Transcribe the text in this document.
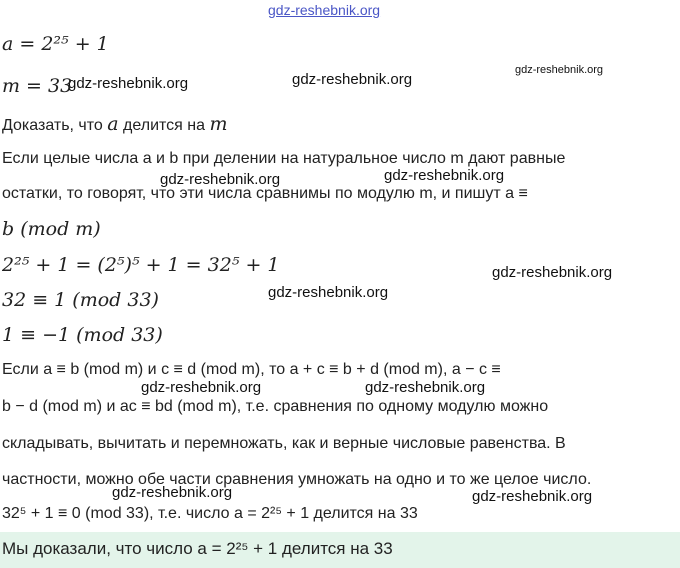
gdz-reshebnik.org
gdz-reshebnik.org	gdz-reshebnik.org
gdz-reshebnik.org
gdz-reshebnik.org	gdz-reshebnik.org
gdz-reshebnik.org
gdz-reshebnik.org
gdz-reshebnik.org	gdz-reshebnik.org
gdz-reshebnik.org	gdz-reshebnik.org
a = 2²⁵ + 1
m = 33
Доказать, что a делится на m
Если целые числа a и b при делении на натуральное число m дают равные
остатки, то говорят, что эти числа сравнимы по модулю m, и пишут a ≡
b (mod m)
2²⁵ + 1 = (2⁵)⁵ + 1 = 32⁵ + 1
32 ≡ 1 (mod 33)
1 ≡ −1 (mod 33)
Если a ≡ b (mod m) и c ≡ d (mod m), то a + c ≡ b + d (mod m), a − c ≡
b − d (mod m) и ac ≡ bd (mod m), т.е. сравнения по одному модулю можно
складывать, вычитать и перемножать, как и верные числовые равенства. В
частности, можно обе части сравнения умножать на одно и то же целое число.
32⁵ + 1 ≡ 0 (mod 33), т.е. число a = 2²⁵ + 1 делится на 33
Мы доказали, что число a = 2²⁵ + 1 делится на 33
